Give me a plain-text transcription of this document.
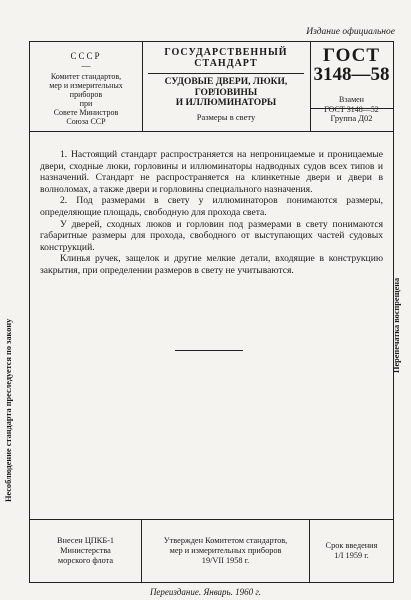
Издание официальное
СССР
—
Комитет стандартов,
мер и измерительных
приборов
при
Совете Министров
Союза ССР
ГОСУДАРСТВЕННЫЙ
СТАНДАРТ
СУДОВЫЕ ДВЕРИ, ЛЮКИ,
ГОРЛОВИНЫ
И ИЛЛЮМИНАТОРЫ
Размеры в свету
ГОСТ
3148—58
Взамен
ГОСТ 3148—52
Группа Д02

1. Настоящий стандарт распространяется на непроницаемые и проницаемые двери, сходные люки, горловины и иллюминаторы надводных судов всех типов и назначений. Стандарт не распространяется на клинкетные двери и двери в волноломах, а также двери и горловины специального назначения.

2. Под размерами в свету у иллюминаторов понимаются размеры, определяющие площадь, свободную для прохода света.

У дверей, сходных люков и горловин под размерами в свету понимаются габаритные размеры для прохода, свободного от выступающих частей судовых конструкций.

Клинья ручек, защелок и другие мелкие детали, входящие в конструкцию закрытия, при определении размеров в свету не учитываются.

Внесен ЦПКБ-1
Министерства
морского флота
Утвержден Комитетом стандартов,
мер и измерительных приборов
19/VII 1958 г.
Срок введения
1/I 1959 г.
Несоблюдение стандарта преследуется по закону	Перепечатка воспрещена
Переиздание. Январь. 1960 г.
